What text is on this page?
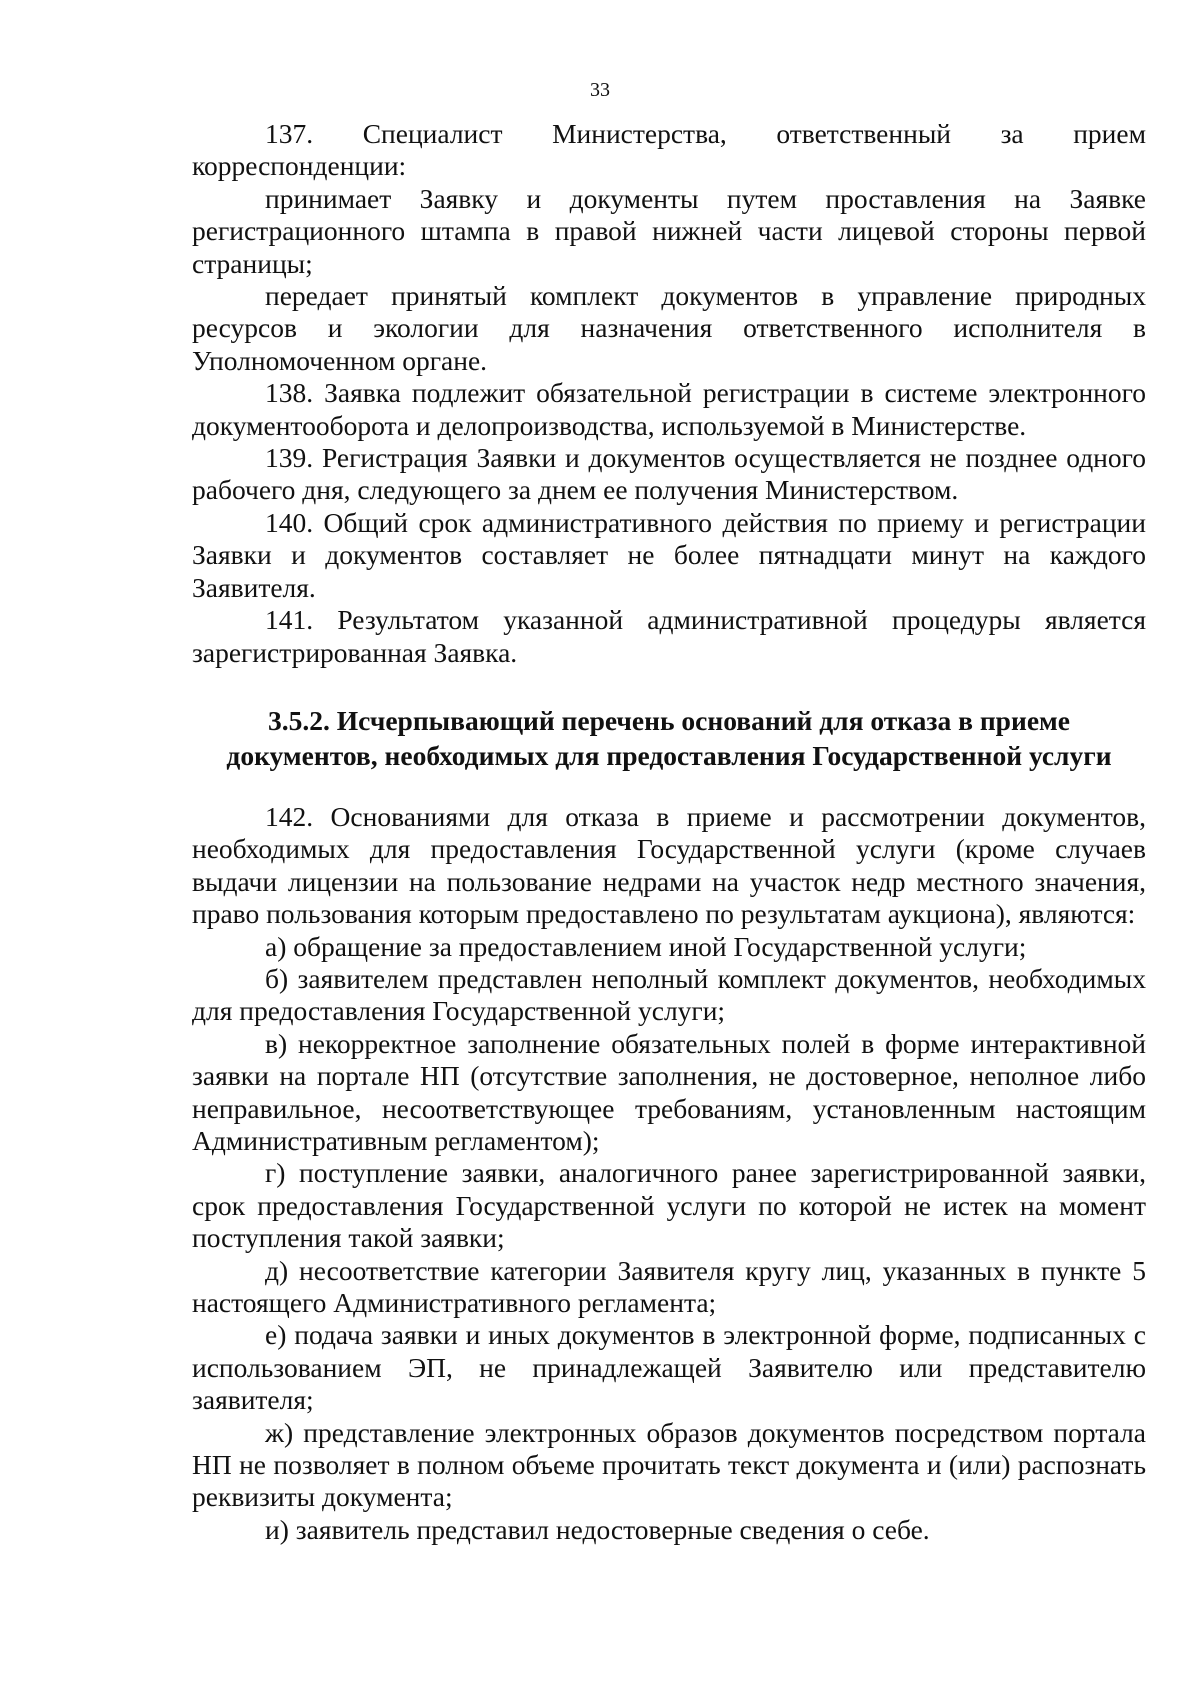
33

137. Специалист Министерства, ответственный за прием корреспонденции:

принимает Заявку и документы путем проставления на Заявке регистрационного штампа в правой нижней части лицевой стороны первой страницы;

передает принятый комплект документов в управление природных ресурсов и экологии для назначения ответственного исполнителя в Уполномоченном органе.

138. Заявка подлежит обязательной регистрации в системе электронного документооборота и делопроизводства, используемой в Министерстве.

139. Регистрация Заявки и документов осуществляется не позднее одного рабочего дня, следующего за днем ее получения Министерством.

140. Общий срок административного действия по приему и регистрации Заявки и документов составляет не более пятнадцати минут на каждого Заявителя.

141. Результатом указанной административной процедуры является зарегистрированная Заявка.

3.5.2. Исчерпывающий перечень оснований для отказа в приеме
документов, необходимых для предоставления Государственной услуги

142. Основаниями для отказа в приеме и рассмотрении документов, необходимых для предоставления Государственной услуги (кроме случаев выдачи лицензии на пользование недрами на участок недр местного значения, право пользования которым предоставлено по результатам аукциона), являются:

а) обращение за предоставлением иной Государственной услуги;

б) заявителем представлен неполный комплект документов, необходимых для предоставления Государственной услуги;

в) некорректное заполнение обязательных полей в форме интерактивной заявки на портале НП (отсутствие заполнения, не достоверное, неполное либо неправильное, несоответствующее требованиям, установленным настоящим Административным регламентом);

г) поступление заявки, аналогичного ранее зарегистрированной заявки, срок предоставления Государственной услуги по которой не истек на момент поступления такой заявки;

д) несоответствие категории Заявителя кругу лиц, указанных в пункте 5 настоящего Административного регламента;

е) подача заявки и иных документов в электронной форме, подписанных с использованием ЭП, не принадлежащей Заявителю или представителю заявителя;

ж) представление электронных образов документов посредством портала НП не позволяет в полном объеме прочитать текст документа и (или) распознать реквизиты документа;

и) заявитель представил недостоверные сведения о себе.
